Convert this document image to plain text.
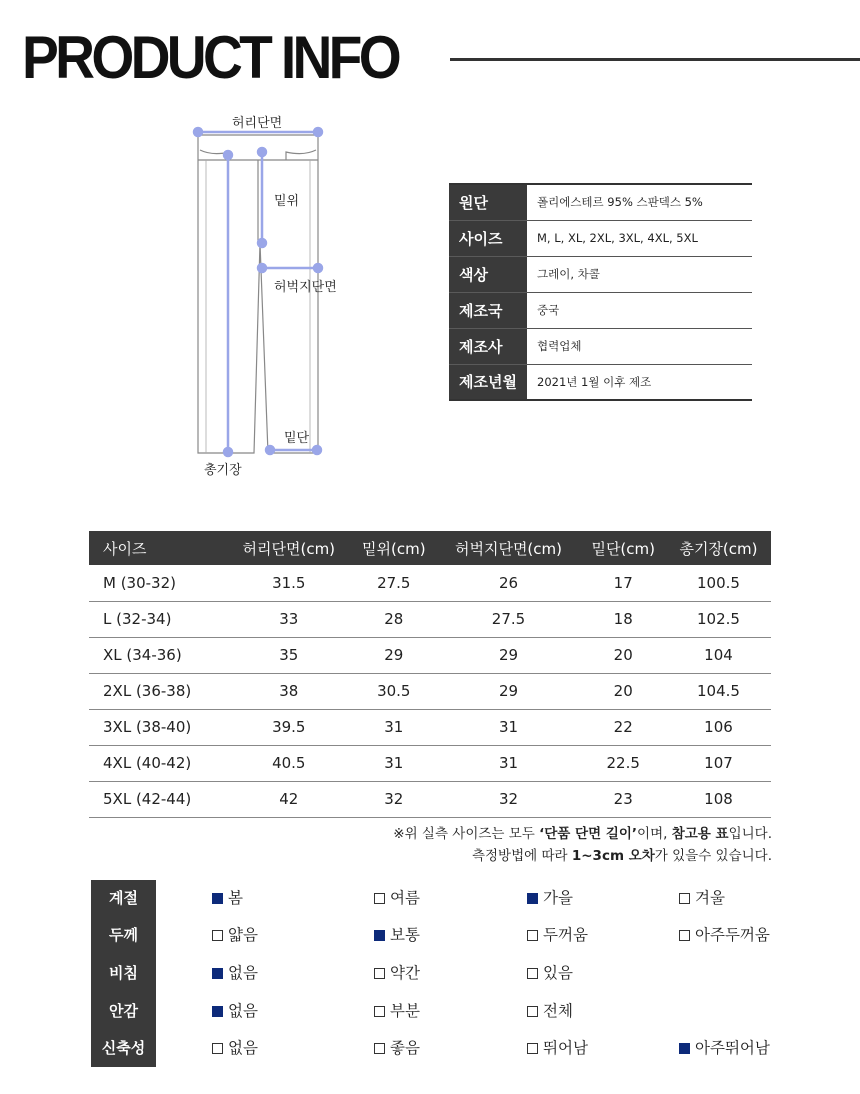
PRODUCT INFO
허리단면
밑위
허벅지단면
밑단
총기장
원단	폴리에스테르 95% 스판덱스 5%
사이즈	M, L, XL, 2XL, 3XL, 4XL, 5XL
색상	그레이, 차콜
제조국	중국
제조사	협력업체
제조년월	2021년 1월 이후 제조
사이즈	허리단면(cm)	밑위(cm)	허벅지단면(cm)	밑단(cm)	총기장(cm)
M (30-32)	31.5	27.5	26	17	100.5
L (32-34)	33	28	27.5	18	102.5
XL (34-36)	35	29	29	20	104
2XL (36-38)	38	30.5	29	20	104.5
3XL (38-40)	39.5	31	31	22	106
4XL (40-42)	40.5	31	31	22.5	107
5XL (42-44)	42	32	32	23	108
※위 실측 사이즈는 모두 ‘단품 단면 길이’이며, 참고용 표입니다.
측정방법에 따라 1~3cm 오차가 있을수 있습니다.
계절	봄	여름	가을	겨울
두께	얇음	보통	두꺼움	아주두꺼움
비침	없음	약간	있음
안감	없음	부분	전체
신축성	없음	좋음	뛰어남	아주뛰어남
